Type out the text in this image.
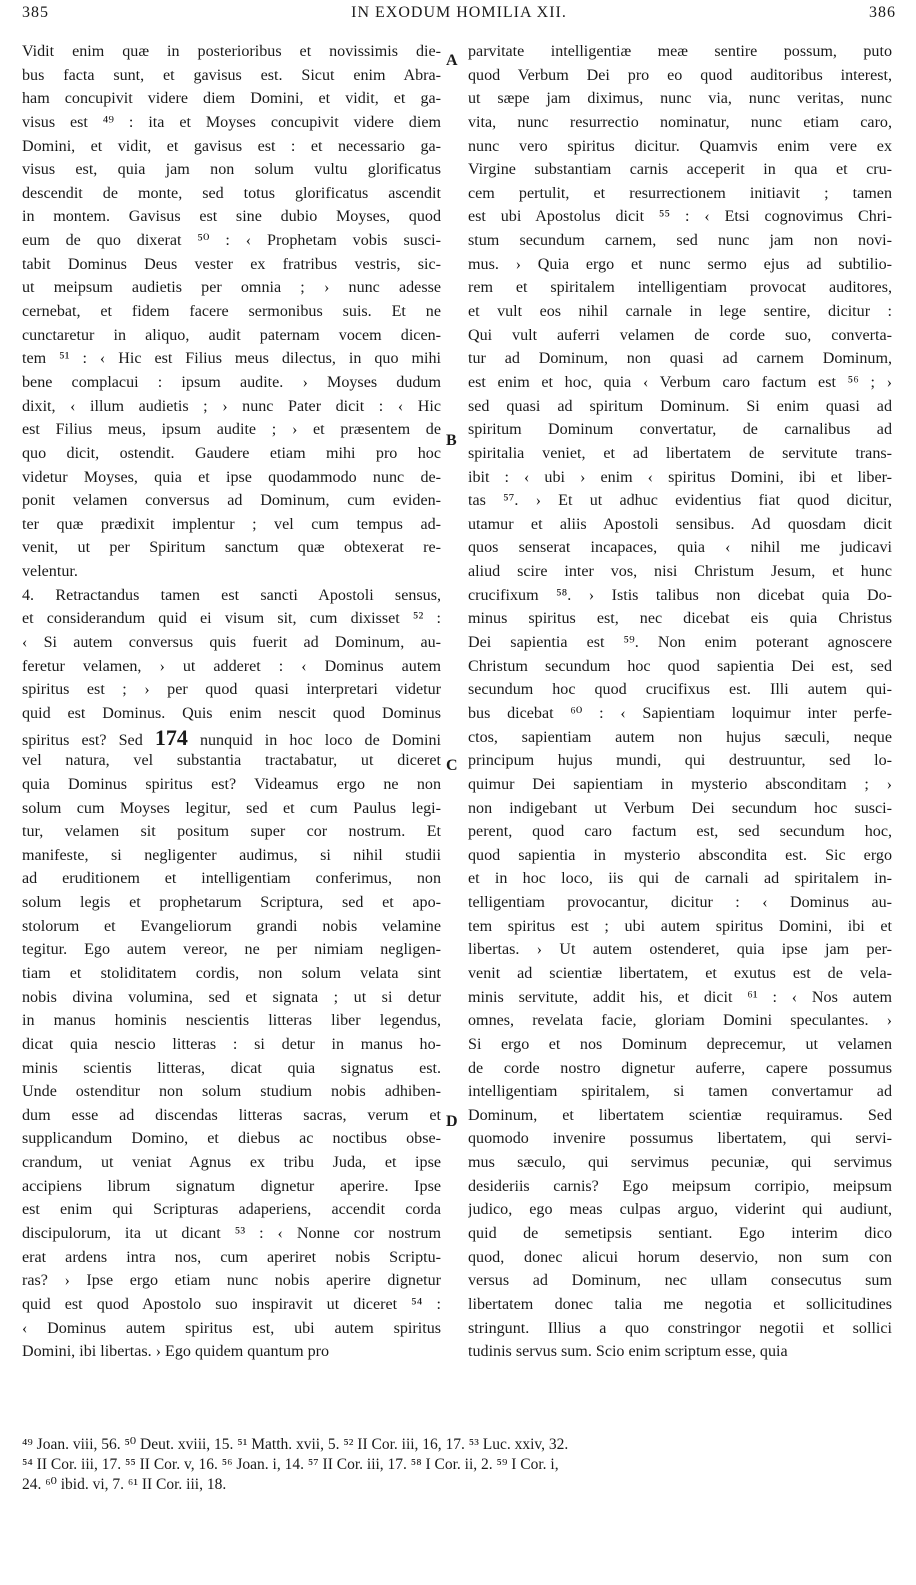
385	IN EXODUM HOMILIA XII.	386
Vidit enim quæ in posterioribus et novissimis die-
bus facta sunt, et gavisus est. Sicut enim Abra-
ham concupivit videre diem Domini, et vidit, et ga-
visus est ⁴⁹ : ita et Moyses concupivit videre diem
Domini, et vidit, et gavisus est : et necessario ga-
visus est, quia jam non solum vultu glorificatus
descendit de monte, sed totus glorificatus ascendit
in montem. Gavisus est sine dubio Moyses, quod
eum de quo dixerat ⁵⁰ : ‹ Prophetam vobis susci-
tabit Dominus Deus vester ex fratribus vestris, sic-
ut meipsum audietis per omnia ; › nunc adesse
cernebat, et fidem facere sermonibus suis. Et ne
cunctaretur in aliquo, audit paternam vocem dicen-
tem ⁵¹ : ‹ Hic est Filius meus dilectus, in quo mihi
bene complacui : ipsum audite. › Moyses dudum
dixit, ‹ illum audietis ; › nunc Pater dicit : ‹ Hic
est Filius meus, ipsum audite ; › et præsentem de
quo dicit, ostendit. Gaudere etiam mihi pro hoc
videtur Moyses, quia et ipse quodammodo nunc de-
ponit velamen conversus ad Dominum, cum eviden-
ter quæ prædixit implentur ; vel cum tempus ad-
venit, ut per Spiritum sanctum quæ obtexerat re-
velentur.
4. Retractandus tamen est sancti Apostoli sensus,
et considerandum quid ei visum sit, cum dixisset ⁵² :
‹ Si autem conversus quis fuerit ad Dominum, au-
feretur velamen, › ut adderet : ‹ Dominus autem
spiritus est ; › per quod quasi interpretari videtur
quid est Dominus. Quis enim nescit quod Dominus
spiritus est? Sed 174 nunquid in hoc loco de Domini
vel natura, vel substantia tractabatur, ut diceret
quia Dominus spiritus est? Videamus ergo ne non
solum cum Moyses legitur, sed et cum Paulus legi-
tur, velamen sit positum super cor nostrum. Et
manifeste, si negligenter audimus, si nihil studii
ad eruditionem et intelligentiam conferimus, non
solum legis et prophetarum Scriptura, sed et apo-
stolorum et Evangeliorum grandi nobis velamine
tegitur. Ego autem vereor, ne per nimiam negligen-
tiam et stoliditatem cordis, non solum velata sint
nobis divina volumina, sed et signata ; ut si detur
in manus hominis nescientis litteras liber legendus,
dicat quia nescio litteras : si detur in manus ho-
minis scientis litteras, dicat quia signatus est.
Unde ostenditur non solum studium nobis adhiben-
dum esse ad discendas litteras sacras, verum et
supplicandum Domino, et diebus ac noctibus obse-
crandum, ut veniat Agnus ex tribu Juda, et ipse
accipiens librum signatum dignetur aperire. Ipse
est enim qui Scripturas adaperiens, accendit corda
discipulorum, ita ut dicant ⁵³ : ‹ Nonne cor nostrum
erat ardens intra nos, cum aperiret nobis Scriptu-
ras? › Ipse ergo etiam nunc nobis aperire dignetur
quid est quod Apostolo suo inspiravit ut diceret ⁵⁴ :
‹ Dominus autem spiritus est, ubi autem spiritus
Domini, ibi libertas. › Ego quidem quantum pro
parvitate intelligentiæ meæ sentire possum, puto
quod Verbum Dei pro eo quod auditoribus interest,
ut sæpe jam diximus, nunc via, nunc veritas, nunc
vita, nunc resurrectio nominatur, nunc etiam caro,
nunc vero spiritus dicitur. Quamvis enim vere ex
Virgine substantiam carnis acceperit in qua et cru-
cem pertulit, et resurrectionem initiavit ; tamen
est ubi Apostolus dicit ⁵⁵ : ‹ Etsi cognovimus Chri-
stum secundum carnem, sed nunc jam non novi-
mus. › Quia ergo et nunc sermo ejus ad subtilio-
rem et spiritalem intelligentiam provocat auditores,
et vult eos nihil carnale in lege sentire, dicitur :
Qui vult auferri velamen de corde suo, converta-
tur ad Dominum, non quasi ad carnem Dominum,
est enim et hoc, quia ‹ Verbum caro factum est ⁵⁶ ; ›
sed quasi ad spiritum Dominum. Si enim quasi ad
spiritum Dominum convertatur, de carnalibus ad
spiritalia veniet, et ad libertatem de servitute trans-
ibit : ‹ ubi › enim ‹ spiritus Domini, ibi et liber-
tas ⁵⁷. › Et ut adhuc evidentius fiat quod dicitur,
utamur et aliis Apostoli sensibus. Ad quosdam dicit
quos senserat incapaces, quia ‹ nihil me judicavi
aliud scire inter vos, nisi Christum Jesum, et hunc
crucifixum ⁵⁸. › Istis talibus non dicebat quia Do-
minus spiritus est, nec dicebat eis quia Christus
Dei sapientia est ⁵⁹. Non enim poterant agnoscere
Christum secundum hoc quod sapientia Dei est, sed
secundum hoc quod crucifixus est. Illi autem qui-
bus dicebat ⁶⁰ : ‹ Sapientiam loquimur inter perfe-
ctos, sapientiam autem non hujus sæculi, neque
principum hujus mundi, qui destruuntur, sed lo-
quimur Dei sapientiam in mysterio absconditam ; ›
non indigebant ut Verbum Dei secundum hoc susci-
perent, quod caro factum est, sed secundum hoc,
quod sapientia in mysterio abscondita est. Sic ergo
et in hoc loco, iis qui de carnali ad spiritalem in-
telligentiam provocantur, dicitur : ‹ Dominus au-
tem spiritus est ; ubi autem spiritus Domini, ibi et
libertas. › Ut autem ostenderet, quia ipse jam per-
venit ad scientiæ libertatem, et exutus est de vela-
minis servitute, addit his, et dicit ⁶¹ : ‹ Nos autem
omnes, revelata facie, gloriam Domini speculantes. ›
Si ergo et nos Dominum deprecemur, ut velamen
de corde nostro dignetur auferre, capere possumus
intelligentiam spiritalem, si tamen convertamur ad
Dominum, et libertatem scientiæ requiramus. Sed
quomodo invenire possumus libertatem, qui servi-
mus sæculo, qui servimus pecuniæ, qui servimus
desideriis carnis? Ego meipsum corripio, meipsum
judico, ego meas culpas arguo, viderint qui audiunt,
quid de semetipsis sentiant. Ego interim dico
quod, donec alicui horum deservio, non sum con
versus ad Dominum, nec ullam consecutus sum
libertatem donec talia me negotia et sollicitudines
stringunt. Illius a quo constringor negotii et sollici
tudinis servus sum. Scio enim scriptum esse, quia
A
B
C
D
⁴⁹ Joan. viii, 56. ⁵⁰ Deut. xviii, 15. ⁵¹ Matth. xvii, 5. ⁵² II Cor. iii, 16, 17. ⁵³ Luc. xxiv, 32.
⁵⁴ II Cor. iii, 17. ⁵⁵ II Cor. v, 16. ⁵⁶ Joan. i, 14. ⁵⁷ II Cor. iii, 17. ⁵⁸ I Cor. ii, 2. ⁵⁹ I Cor. i,
24. ⁶⁰ ibid. vi, 7. ⁶¹ II Cor. iii, 18.
